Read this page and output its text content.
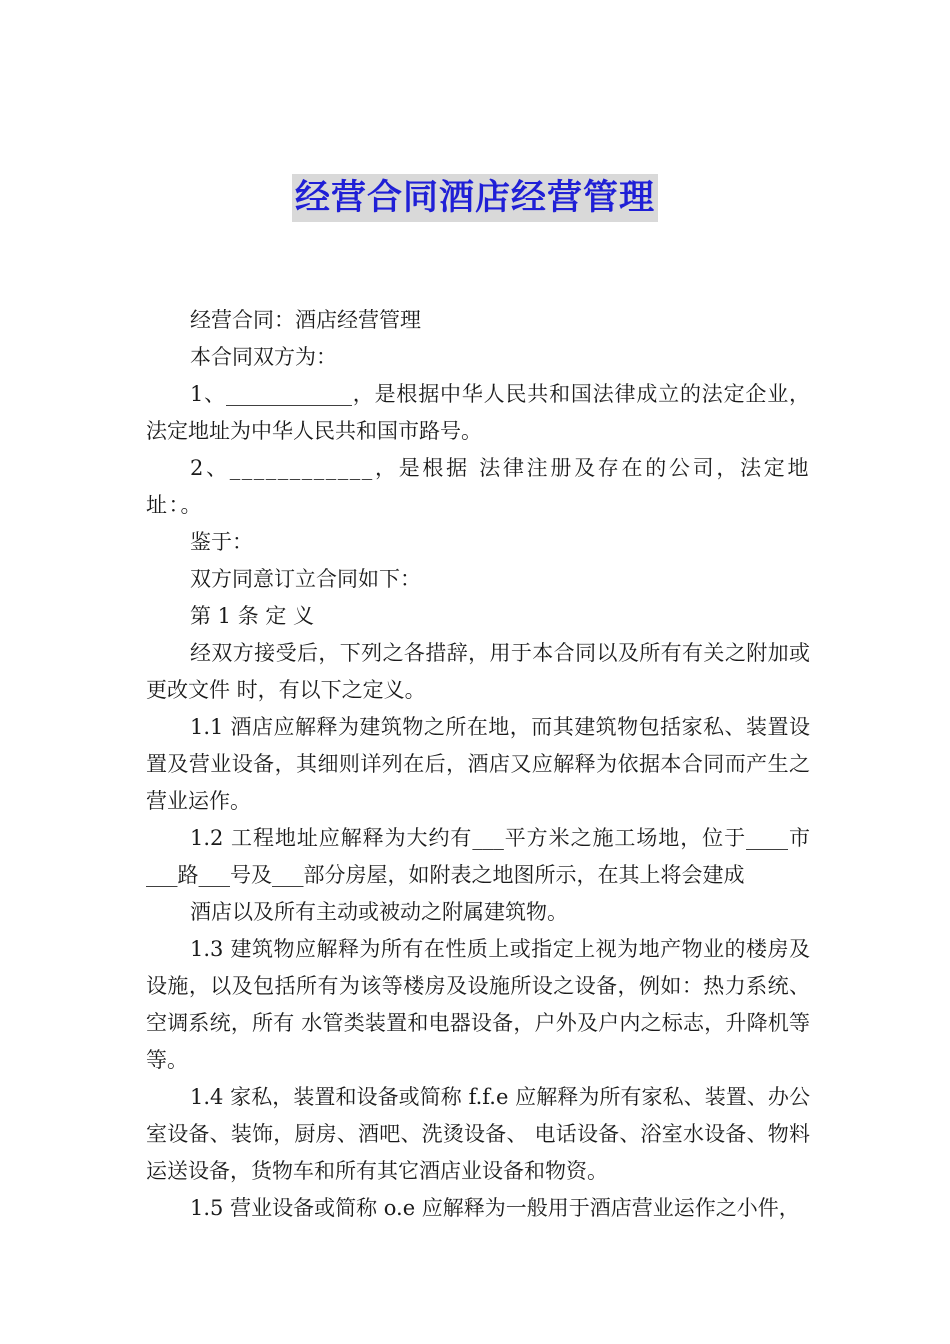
经营合同酒店经营管理

经营合同：酒店经营管理

本合同双方为：

1、____________，是根据中华人民共和国法律成立的法定企业，法定地址为中华人民共和国市路号。

2、____________，是根据 法律注册及存在的公司，法定地址：。

鉴于：

双方同意订立合同如下：

第 1 条 定 义

经双方接受后，下列之各措辞，用于本合同以及所有有关之附加或更改文件 时，有以下之定义。

1.1 酒店应解释为建筑物之所在地，而其建筑物包括家私、装置设置及营业设备，其细则详列在后，酒店又应解释为依据本合同而产生之营业运作。

1.2 工程地址应解释为大约有___平方米之施工场地，位于____市___路___号及___部分房屋，如附表之地图所示，在其上将会建成

酒店以及所有主动或被动之附属建筑物。

1.3 建筑物应解释为所有在性质上或指定上视为地产物业的楼房及设施，以及包括所有为该等楼房及设施所设之设备，例如：热力系统、空调系统，所有 水管类装置和电器设备，户外及户内之标志，升降机等等。

1.4 家私，装置和设备或简称 f.f.e 应解释为所有家私、装置、办公室设备、装饰，厨房、酒吧、洗烫设备、 电话设备、浴室水设备、物料运送设备，货物车和所有其它酒店业设备和物资。

1.5 营业设备或简称 o.e 应解释为一般用于酒店营业运作之小件，
